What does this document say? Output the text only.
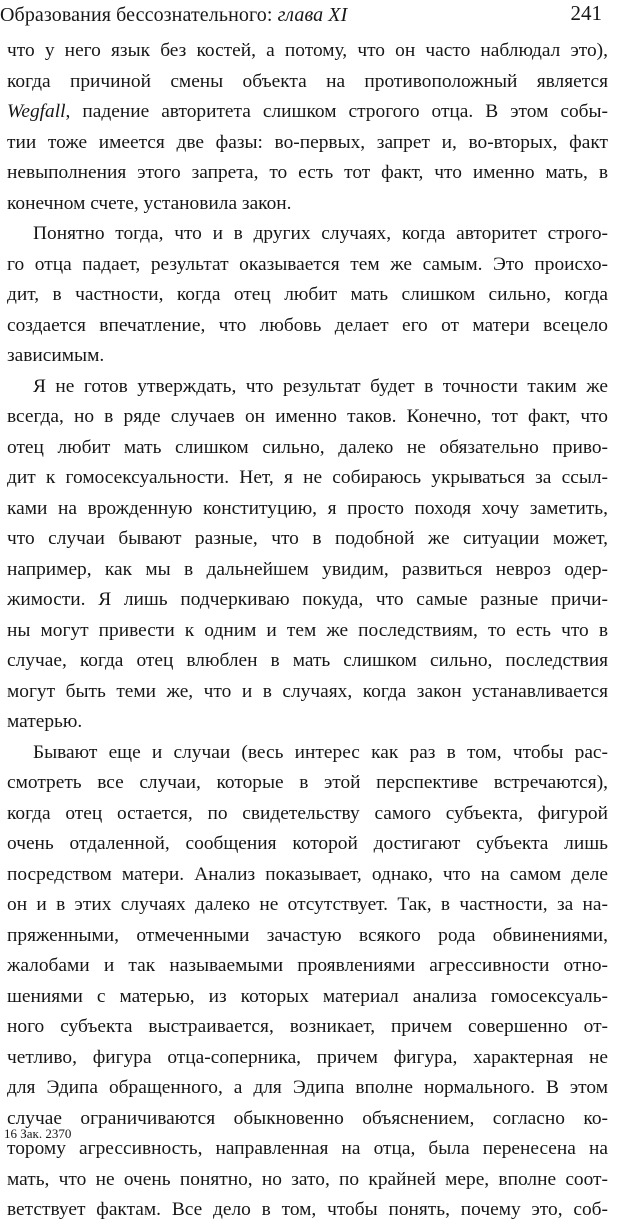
Образования бессознательного: глава XI	241
что у него язык без костей, а потому, что он часто наблюдал это),
когда причиной смены объекта на противоположный является
Wegfall, падение авторитета слишком строгого отца. В этом собы-
тии тоже имеется две фазы: во-первых, запрет и, во-вторых, факт
невыполнения этого запрета, то есть тот факт, что именно мать, в
конечном счете, установила закон.
Понятно тогда, что и в других случаях, когда авторитет строго-
го отца падает, результат оказывается тем же самым. Это происхо-
дит, в частности, когда отец любит мать слишком сильно, когда
создается впечатление, что любовь делает его от матери всецело
зависимым.
Я не готов утверждать, что результат будет в точности таким же
всегда, но в ряде случаев он именно таков. Конечно, тот факт, что
отец любит мать слишком сильно, далеко не обязательно приво-
дит к гомосексуальности. Нет, я не собираюсь укрываться за ссыл-
ками на врожденную конституцию, я просто походя хочу заметить,
что случаи бывают разные, что в подобной же ситуации может,
например, как мы в дальнейшем увидим, развиться невроз одер-
жимости. Я лишь подчеркиваю покуда, что самые разные причи-
ны могут привести к одним и тем же последствиям, то есть что в
случае, когда отец влюблен в мать слишком сильно, последствия
могут быть теми же, что и в случаях, когда закон устанавливается
матерью.
Бывают еще и случаи (весь интерес как раз в том, чтобы рас-
смотреть все случаи, которые в этой перспективе встречаются),
когда отец остается, по свидетельству самого субъекта, фигурой
очень отдаленной, сообщения которой достигают субъекта лишь
посредством матери. Анализ показывает, однако, что на самом деле
он и в этих случаях далеко не отсутствует. Так, в частности, за на-
пряженными, отмеченными зачастую всякого рода обвинениями,
жалобами и так называемыми проявлениями агрессивности отно-
шениями с матерью, из которых материал анализа гомосексуаль-
ного субъекта выстраивается, возникает, причем совершенно от-
четливо, фигура отца-соперника, причем фигура, характерная не
для Эдипа обращенного, а для Эдипа вполне нормального. В этом
случае ограничиваются обыкновенно объяснением, согласно ко-
торому агрессивность, направленная на отца, была перенесена на
мать, что не очень понятно, но зато, по крайней мере, вполне соот-
ветствует фактам. Все дело в том, чтобы понять, почему это, соб-
16 Зак. 2370
